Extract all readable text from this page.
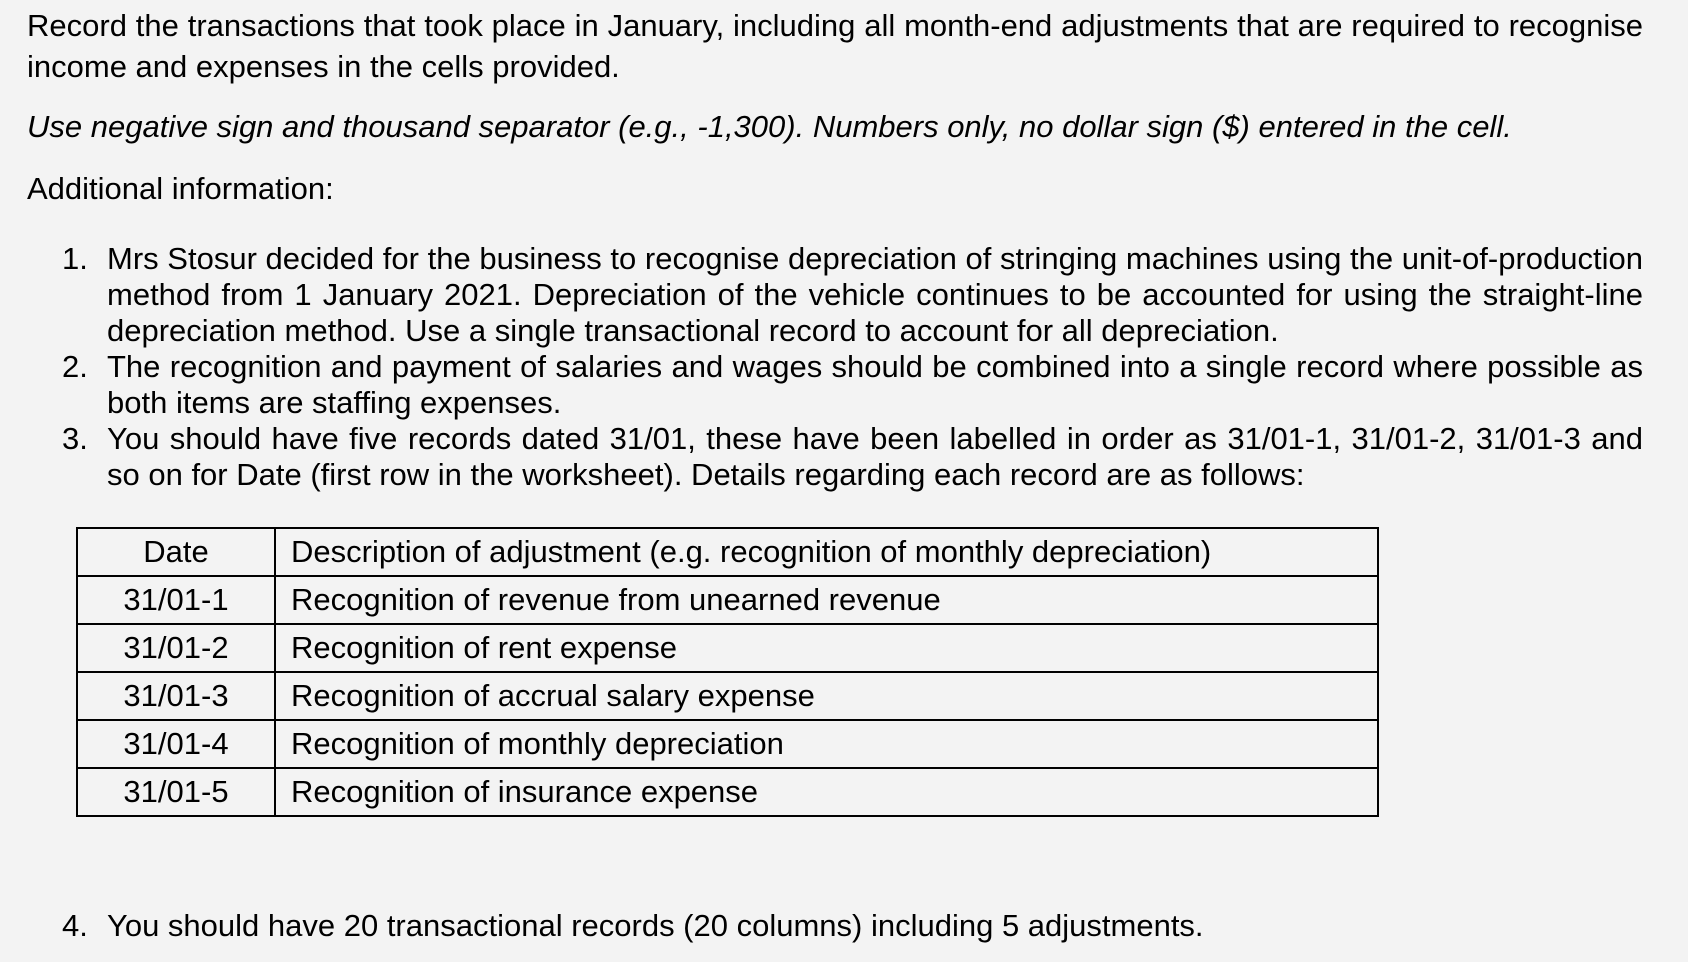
Record the transactions that took place in January, including all month-end adjustments that are required to recognise income and expenses in the cells provided.

Use negative sign and thousand separator (e.g., -1,300). Numbers only, no dollar sign ($) entered in the cell.

Additional information:

1. Mrs Stosur decided for the business to recognise depreciation of stringing machines using the unit-of-production method from 1 January 2021. Depreciation of the vehicle continues to be accounted for using the straight-line depreciation method. Use a single transactional record to account for all depreciation.
2. The recognition and payment of salaries and wages should be combined into a single record where possible as both items are staffing expenses.
3. You should have five records dated 31/01, these have been labelled in order as 31/01-1, 31/01-2, 31/01-3 and so on for Date (first row in the worksheet). Details regarding each record are as follows:
Date	Description of adjustment (e.g. recognition of monthly depreciation)
31/01-1	Recognition of revenue from unearned revenue
31/01-2	Recognition of rent expense
31/01-3	Recognition of accrual salary expense
31/01-4	Recognition of monthly depreciation
31/01-5	Recognition of insurance expense
4. You should have 20 transactional records (20 columns) including 5 adjustments.
